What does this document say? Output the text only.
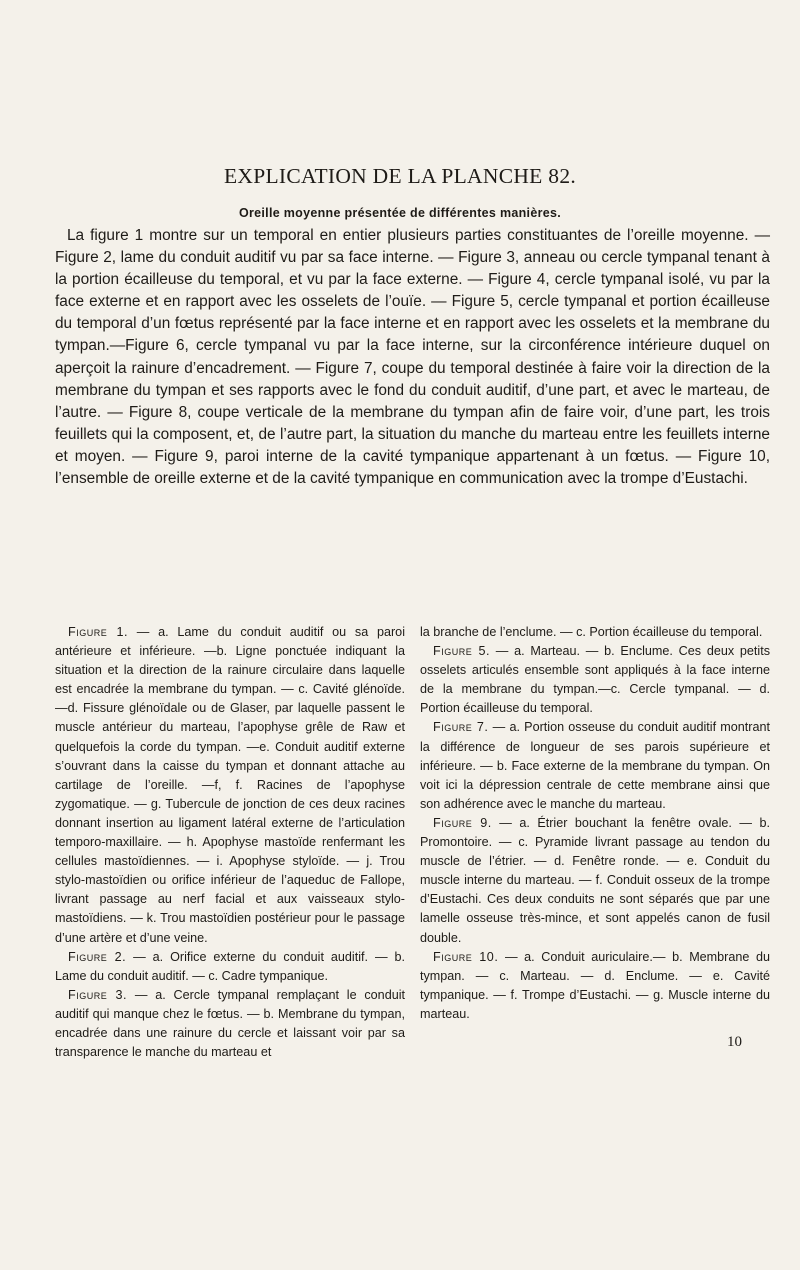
EXPLICATION DE LA PLANCHE 82.
Oreille moyenne présentée de différentes manières.

La figure 1 montre sur un temporal en entier plusieurs parties constituantes de l’oreille moyenne. — Figure 2, lame du conduit auditif vu par sa face interne. — Figure 3, anneau ou cercle tympanal tenant à la portion écailleuse du temporal, et vu par la face externe. — Figure 4, cercle tympanal isolé, vu par la face externe et en rapport avec les osselets de l’ouïe. — Figure 5, cercle tympanal et portion écailleuse du temporal d’un fœtus représenté par la face interne et en rapport avec les osselets et la membrane du tympan.—Figure 6, cercle tympanal vu par la face interne, sur la circonférence intérieure duquel on aperçoit la rainure d’encadrement. — Figure 7, coupe du temporal destinée à faire voir la direction de la membrane du tympan et ses rapports avec le fond du conduit auditif, d’une part, et avec le marteau, de l’autre. — Figure 8, coupe verticale de la membrane du tympan afin de faire voir, d’une part, les trois feuillets qui la composent, et, de l’autre part, la situation du manche du marteau entre les feuillets interne et moyen. — Figure 9, paroi interne de la cavité tympanique appartenant à un fœtus. — Figure 10, l’ensemble de oreille externe et de la cavité tympanique en communication avec la trompe d’Eustachi.

Figure 1. — a. Lame du conduit auditif ou sa paroi antérieure et inférieure. —b. Ligne ponctuée indiquant la situation et la direction de la rainure circulaire dans laquelle est encadrée la membrane du tympan. — c. Cavité glénoïde. —d. Fissure glénoïdale ou de Glaser, par laquelle passent le muscle antérieur du marteau, l’apophyse grêle de Raw et quelquefois la corde du tympan. —e. Conduit auditif externe s’ouvrant dans la caisse du tympan et donnant attache au cartilage de l’oreille. —f, f. Racines de l’apophyse zygomatique. — g. Tubercule de jonction de ces deux racines donnant insertion au ligament latéral externe de l’articulation temporo-maxillaire. — h. Apophyse mastoïde renfermant les cellules mastoïdiennes. — i. Apophyse styloïde. — j. Trou stylo-mastoïdien ou orifice inférieur de l’aqueduc de Fallope, livrant passage au nerf facial et aux vaisseaux stylo-mastoïdiens. — k. Trou mastoïdien postérieur pour le passage d’une artère et d’une veine.

Figure 2. — a. Orifice externe du conduit auditif. — b. Lame du conduit auditif. — c. Cadre tympanique.

Figure 3. — a. Cercle tympanal remplaçant le conduit auditif qui manque chez le fœtus. — b. Membrane du tympan, encadrée dans une rainure du cercle et laissant voir par sa transparence le manche du marteau et

la branche de l’enclume. — c. Portion écailleuse du temporal.

Figure 5. — a. Marteau. — b. Enclume. Ces deux petits osselets articulés ensemble sont appliqués à la face interne de la membrane du tympan.—c. Cercle tympanal. — d. Portion écailleuse du temporal.

Figure 7. — a. Portion osseuse du conduit auditif montrant la différence de longueur de ses parois supérieure et inférieure. — b. Face externe de la membrane du tympan. On voit ici la dépression centrale de cette membrane ainsi que son adhérence avec le manche du marteau.

Figure 9. — a. Étrier bouchant la fenêtre ovale. — b. Promontoire. — c. Pyramide livrant passage au tendon du muscle de l’étrier. — d. Fenêtre ronde. — e. Conduit du muscle interne du marteau. — f. Conduit osseux de la trompe d’Eustachi. Ces deux conduits ne sont séparés que par une lamelle osseuse très-mince, et sont appelés canon de fusil double.

Figure 10. — a. Conduit auriculaire.— b. Membrane du tympan. — c. Marteau. — d. Enclume. — e. Cavité tympanique. — f. Trompe d’Eustachi. — g. Muscle interne du marteau.

10
